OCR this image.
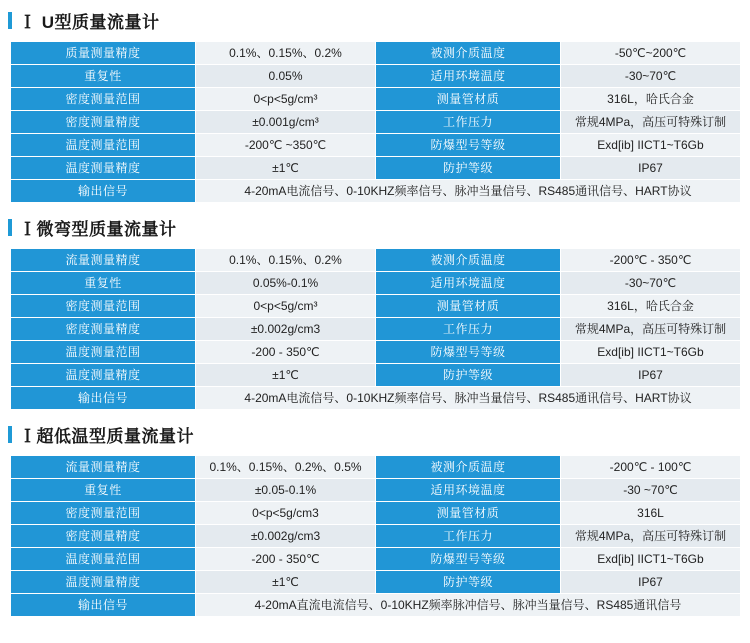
Ｉ U型质量流量计
质量测量精度	0.1%、0.15%、0.2%	被测介质温度	-50℃~200℃
重复性	0.05%	适用环境温度	-30~70℃
密度测量范围	0<p<5g/cm³	测量管材质	316L，哈氏合金
密度测量精度	±0.001g/cm³	工作压力	常规4MPa，高压可特殊订制
温度测量范围	-200℃ ~350℃	防爆型号等级	Exd[ib] IICT1~T6Gb
温度测量精度	±1℃	防护等级	IP67
输出信号	4-20mA电流信号、0-10KHZ频率信号、脉冲当量信号、RS485通讯信号、HART协议		
Ｉ微弯型质量流量计
流量测量精度	0.1%、0.15%、0.2%	被测介质温度	-200℃ - 350℃
重复性	0.05%-0.1%	适用环境温度	-30~70℃
密度测量范围	0<p<5g/cm³	测量管材质	316L，哈氏合金
密度测量精度	±0.002g/cm3	工作压力	常规4MPa，高压可特殊订制
温度测量范围	-200 - 350℃	防爆型号等级	Exd[ib] IICT1~T6Gb
温度测量精度	±1℃	防护等级	IP67
输出信号	4-20mA电流信号、0-10KHZ频率信号、脉冲当量信号、RS485通讯信号、HART协议		
Ｉ超低温型质量流量计
流量测量精度	0.1%、0.15%、0.2%、0.5%	被测介质温度	-200℃ - 100℃
重复性	±0.05-0.1%	适用环境温度	-30 ~70℃
密度测量范围	0<p<5g/cm3	测量管材质	316L
密度测量精度	±0.002g/cm3	工作压力	常规4MPa，高压可特殊订制
温度测量范围	-200 - 350℃	防爆型号等级	Exd[ib] IICT1~T6Gb
温度测量精度	±1℃	防护等级	IP67
输出信号	4-20mA直流电流信号、0-10KHZ频率脉冲信号、脉冲当量信号、RS485通讯信号		
